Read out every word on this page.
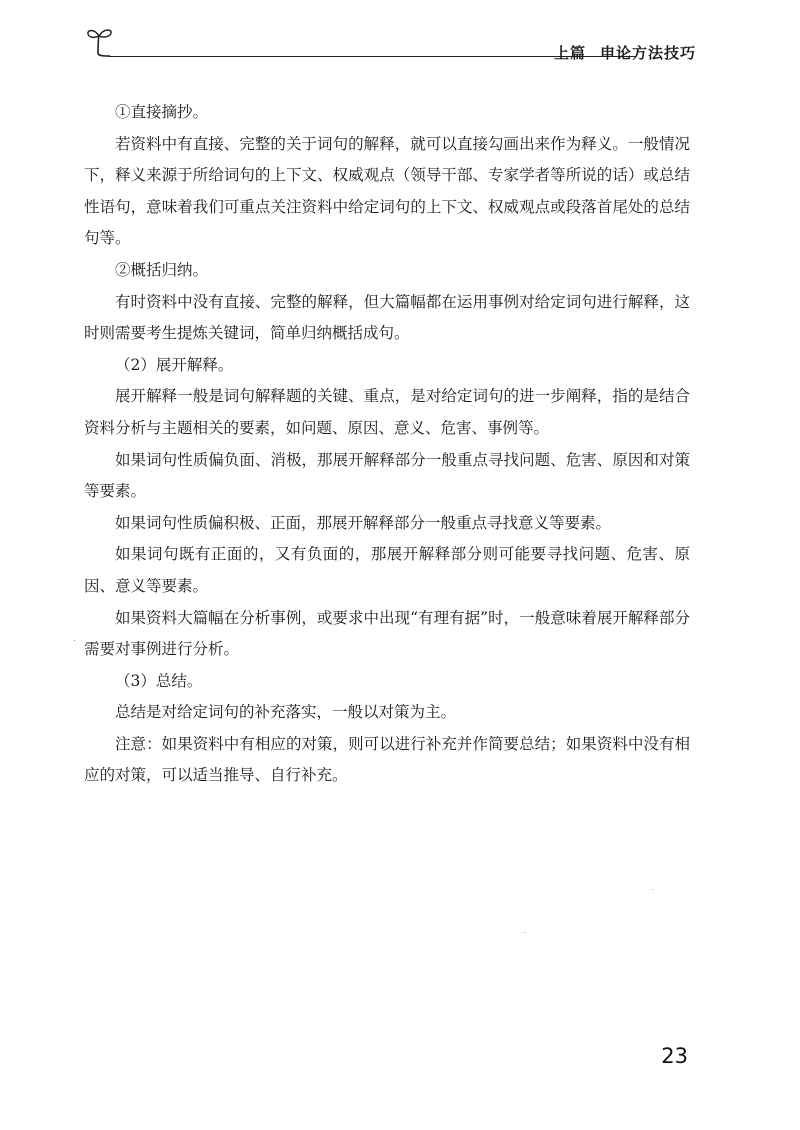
上篇 申论方法技巧

①直接摘抄。

若资料中有直接、完整的关于词句的解释，就可以直接勾画出来作为释义。一般情况下，释义来源于所给词句的上下文、权威观点（领导干部、专家学者等所说的话）或总结性语句，意味着我们可重点关注资料中给定词句的上下文、权威观点或段落首尾处的总结句等。

②概括归纳。

有时资料中没有直接、完整的解释，但大篇幅都在运用事例对给定词句进行解释，这时则需要考生提炼关键词，简单归纳概括成句。

（2）展开解释。

展开解释一般是词句解释题的关键、重点，是对给定词句的进一步阐释，指的是结合资料分析与主题相关的要素，如问题、原因、意义、危害、事例等。

如果词句性质偏负面、消极，那展开解释部分一般重点寻找问题、危害、原因和对策等要素。

如果词句性质偏积极、正面，那展开解释部分一般重点寻找意义等要素。

如果词句既有正面的，又有负面的，那展开解释部分则可能要寻找问题、危害、原因、意义等要素。

如果资料大篇幅在分析事例，或要求中出现“有理有据”时，一般意味着展开解释部分需要对事例进行分析。

（3）总结。

总结是对给定词句的补充落实，一般以对策为主。

注意：如果资料中有相应的对策，则可以进行补充并作简要总结；如果资料中没有相应的对策，可以适当推导、自行补充。

23
